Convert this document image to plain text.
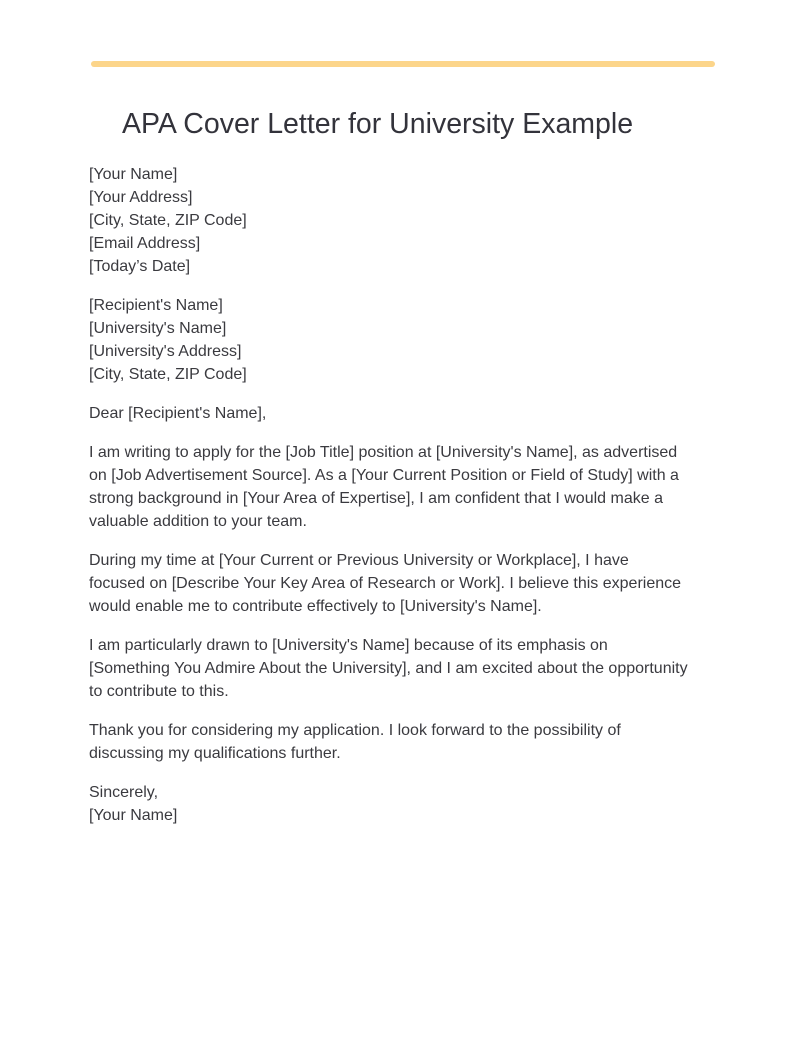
APA Cover Letter for University Example

[Your Name]
[Your Address]
[City, State, ZIP Code]
[Email Address]
[Today’s Date]

[Recipient's Name]
[University's Name]
[University's Address]
[City, State, ZIP Code]

Dear [Recipient's Name],

I am writing to apply for the [Job Title] position at [University's Name], as advertised on [Job Advertisement Source]. As a [Your Current Position or Field of Study] with a strong background in [Your Area of Expertise], I am confident that I would make a valuable addition to your team.

During my time at [Your Current or Previous University or Workplace], I have focused on [Describe Your Key Area of Research or Work]. I believe this experience would enable me to contribute effectively to [University's Name].

I am particularly drawn to [University's Name] because of its emphasis on [Something You Admire About the University], and I am excited about the opportunity to contribute to this.

Thank you for considering my application. I look forward to the possibility of discussing my qualifications further.

Sincerely,
[Your Name]
